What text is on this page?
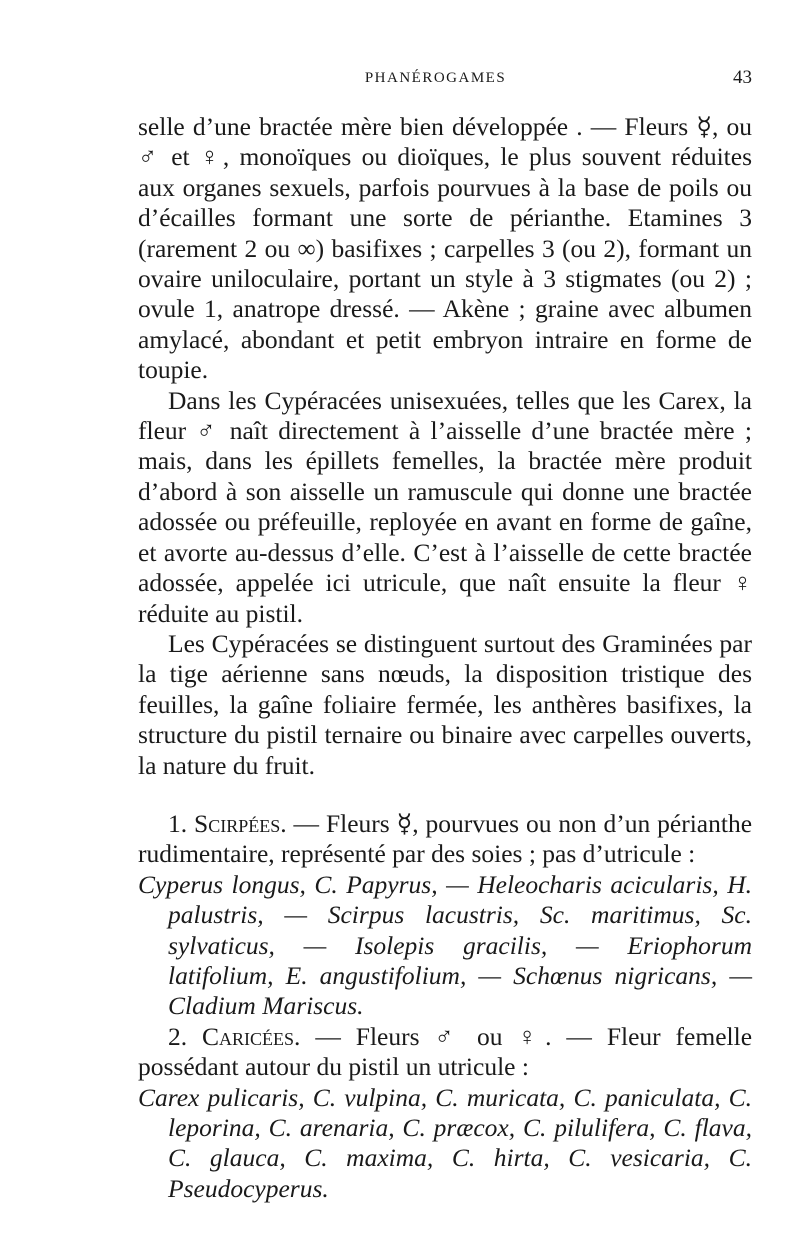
PHANÉROGAMES	43

selle d’une bractée mère bien développée . — Fleurs ☿, ou ♂ et ♀, monoïques ou dioïques, le plus souvent réduites aux organes sexuels, parfois pourvues à la base de poils ou d’écailles formant une sorte de périanthe. Etamines 3 (rarement 2 ou ∞) basifixes ; carpelles 3 (ou 2), formant un ovaire uniloculaire, portant un style à 3 stigmates (ou 2) ; ovule 1, anatrope dressé. — Akène ; graine avec albumen amylacé, abondant et petit embryon intraire en forme de toupie.

Dans les Cypéracées unisexuées, telles que les Carex, la fleur ♂ naît directement à l’aisselle d’une bractée mère ; mais, dans les épillets femelles, la bractée mère produit d’abord à son aisselle un ramuscule qui donne une bractée adossée ou préfeuille, reployée en avant en forme de gaîne, et avorte au-dessus d’elle. C’est à l’aisselle de cette bractée adossée, appelée ici utricule, que naît ensuite la fleur ♀ réduite au pistil.

Les Cypéracées se distinguent surtout des Graminées par la tige aérienne sans nœuds, la disposition tristique des feuilles, la gaîne foliaire fermée, les anthères basifixes, la structure du pistil ternaire ou binaire avec carpelles ouverts, la nature du fruit.

1. Scirpées. — Fleurs ☿, pourvues ou non d’un périanthe rudimentaire, représenté par des soies ; pas d’utricule :

Cyperus longus, C. Papyrus, — Heleocharis acicularis, H. palustris, — Scirpus lacustris, Sc. maritimus, Sc. sylvaticus, — Isolepis gracilis, — Eriophorum latifolium, E. angustifolium, — Schœnus nigricans, — Cladium Mariscus.

2. Caricées. — Fleurs ♂ ou ♀. — Fleur femelle possédant autour du pistil un utricule :

Carex pulicaris, C. vulpina, C. muricata, C. paniculata, C. leporina, C. arenaria, C. præcox, C. pilulifera, C. flava, C. glauca, C. maxima, C. hirta, C. vesicaria, C. Pseudocyperus.
